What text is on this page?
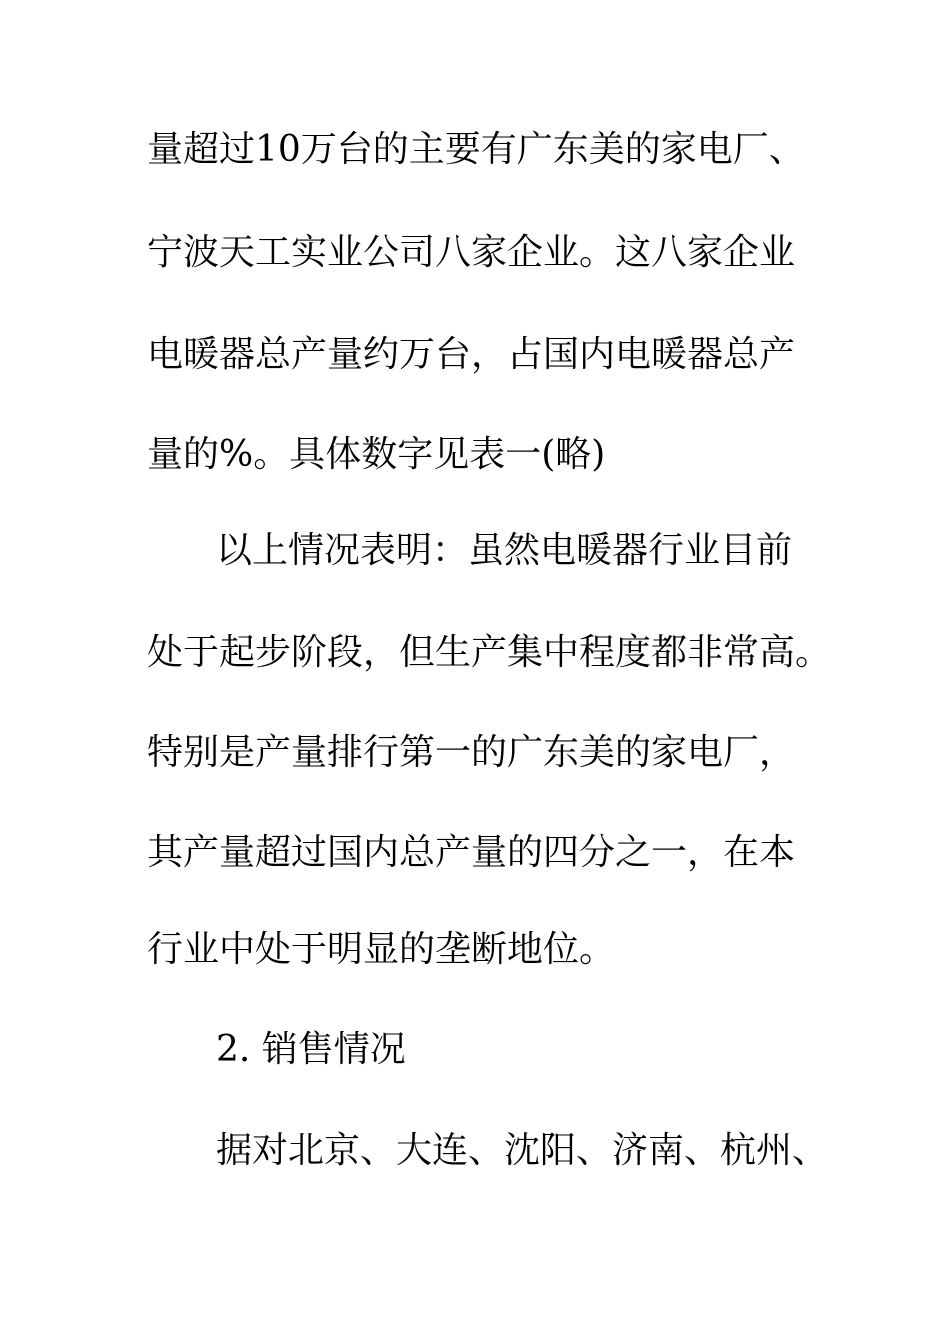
量超过10万台的主要有广东美的家电厂、
宁波天工实业公司八家企业。这八家企业
电暖器总产量约万台，占国内电暖器总产
量的%。具体数字见表一(略)
以上情况表明：虽然电暖器行业目前
处于起步阶段，但生产集中程度都非常高。
特别是产量排行第一的广东美的家电厂，
其产量超过国内总产量的四分之一，在本
行业中处于明显的垄断地位。
2. 销售情况
据对北京、大连、沈阳、济南、杭州、
